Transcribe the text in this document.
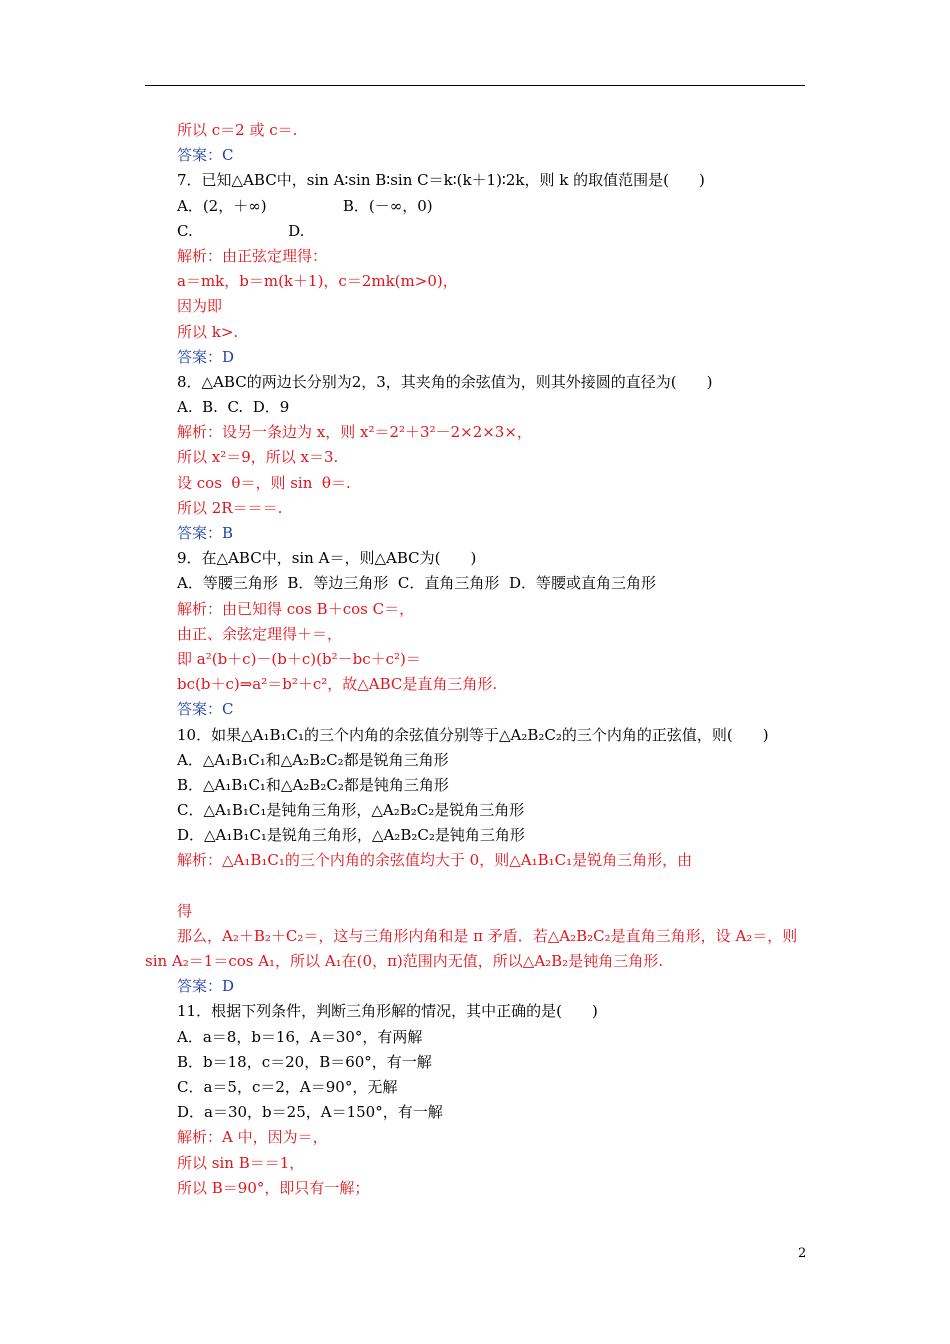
所以 c＝2 或 c＝.
答案：C
7．已知△ABC中，sin A∶sin B∶sin C＝k∶(k＋1)∶2k，则 k 的取值范围是(　　)
A．(2，＋∞)                B．(－∞，0)
C.                    D.
解析：由正弦定理得：
a＝mk，b＝m(k＋1)，c＝2mk(m>0)，
因为即
所以 k>.
答案：D
8．△ABC的两边长分别为2，3，其夹角的余弦值为，则其外接圆的直径为(　　)
A.  B.  C.  D．9
解析：设另一条边为 x，则 x²＝2²＋3²－2×2×3×，
所以 x²＝9，所以 x＝3.
设 cos  θ＝，则 sin  θ＝.
所以 2R＝＝＝.
答案：B
9．在△ABC中，sin A＝，则△ABC为(　　)
A．等腰三角形  B．等边三角形  C．直角三角形  D．等腰或直角三角形
解析：由已知得 cos B＋cos C＝，
由正、余弦定理得＋＝，
即 a²(b＋c)－(b＋c)(b²－bc＋c²)＝
bc(b＋c)⇒a²＝b²＋c²，故△ABC是直角三角形.
答案：C
10．如果△A₁B₁C₁的三个内角的余弦值分别等于△A₂B₂C₂的三个内角的正弦值，则(　　)
A．△A₁B₁C₁和△A₂B₂C₂都是锐角三角形
B．△A₁B₁C₁和△A₂B₂C₂都是钝角三角形
C．△A₁B₁C₁是钝角三角形，△A₂B₂C₂是锐角三角形
D．△A₁B₁C₁是锐角三角形，△A₂B₂C₂是钝角三角形
解析：△A₁B₁C₁的三个内角的余弦值均大于 0，则△A₁B₁C₁是锐角三角形，由
得
那么，A₂＋B₂＋C₂＝，这与三角形内角和是 π 矛盾．若△A₂B₂C₂是直角三角形，设 A₂＝，则
sin A₂＝1＝cos A₁，所以 A₁在(0，π)范围内无值，所以△A₂B₂是钝角三角形.
答案：D
11．根据下列条件，判断三角形解的情况，其中正确的是(　　)
A．a＝8，b＝16，A＝30°，有两解
B．b＝18，c＝20，B＝60°，有一解
C．a＝5，c＝2，A＝90°，无解
D．a＝30，b＝25，A＝150°，有一解
解析：A 中，因为＝，
所以 sin B＝＝1，
所以 B＝90°，即只有一解；
2
